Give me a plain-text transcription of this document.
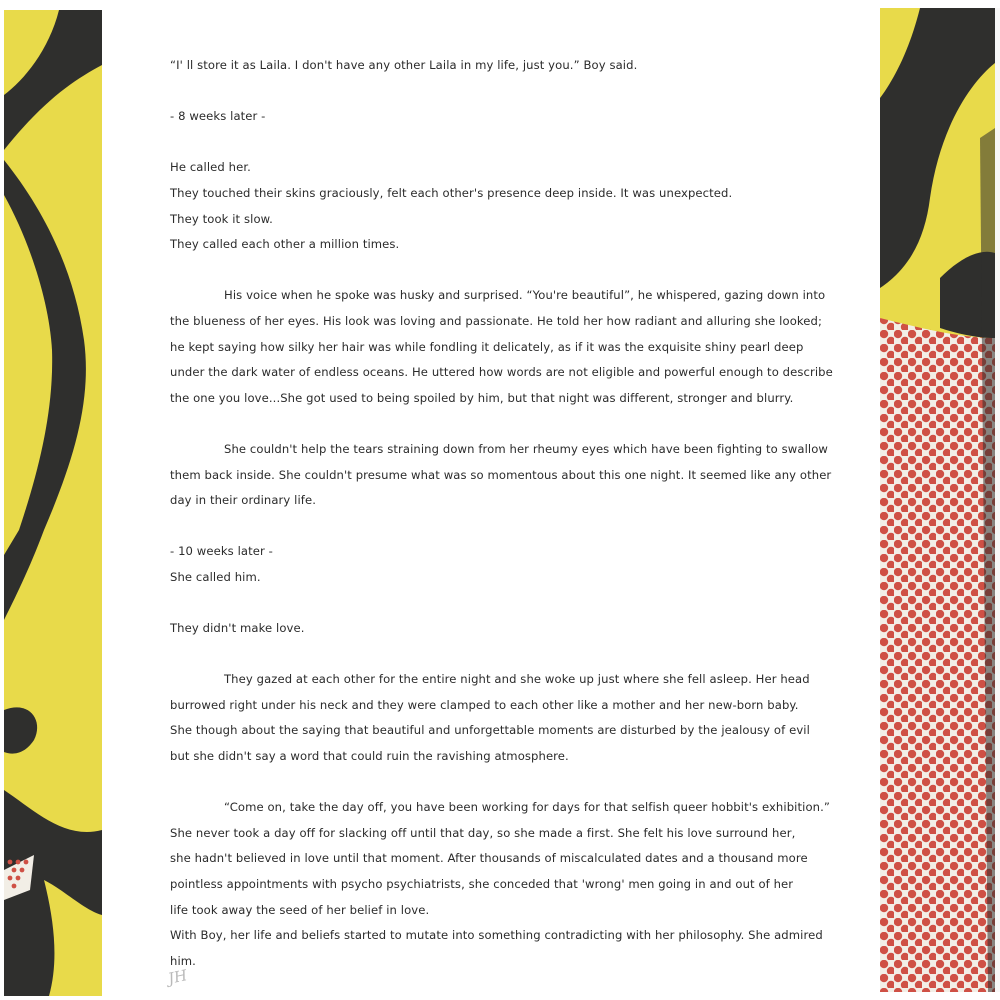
“I' ll store it as Laila. I don't have any other Laila in my life, just you.” Boy said.
- 8 weeks later -
He called her.
They touched their skins graciously, felt each other's presence deep inside. It was unexpected.
They took it slow.
They called each other a million times.
His voice when he spoke was husky and surprised. “You're beautiful”, he whispered, gazing down into
the blueness of her eyes. His look was loving and passionate. He told her how radiant and alluring she looked;
he kept saying how silky her hair was while fondling it delicately, as if it was the exquisite shiny pearl deep
under the dark water of endless oceans. He uttered how words are not eligible and powerful enough to describe
the one you love...She got used to being spoiled by him, but that night was different, stronger and blurry.
She couldn't help the tears straining down from her rheumy eyes which have been fighting to swallow
them back inside. She couldn't presume what was so momentous about this one night. It seemed like any other
day in their ordinary life.
- 10 weeks later -
She called him.
They didn't make love.
They gazed at each other for the entire night and she woke up just where she fell asleep. Her head
burrowed right under his neck and they were clamped to each other like a mother and her new-born baby.
She though about the saying that beautiful and unforgettable moments are disturbed by the jealousy of evil
but she didn't say a word that could ruin the ravishing atmosphere.
“Come on, take the day off, you have been working for days for that selfish queer hobbit's exhibition.”
She never took a day off for slacking off until that day, so she made a first. She felt his love surround her,
she hadn't believed in love until that moment. After thousands of miscalculated dates and a thousand more
pointless appointments with psycho psychiatrists, she conceded that 'wrong' men going in and out of her
life took away the seed of her belief in love.
With Boy, her life and beliefs started to mutate into something contradicting with her philosophy. She admired
him.
JH
